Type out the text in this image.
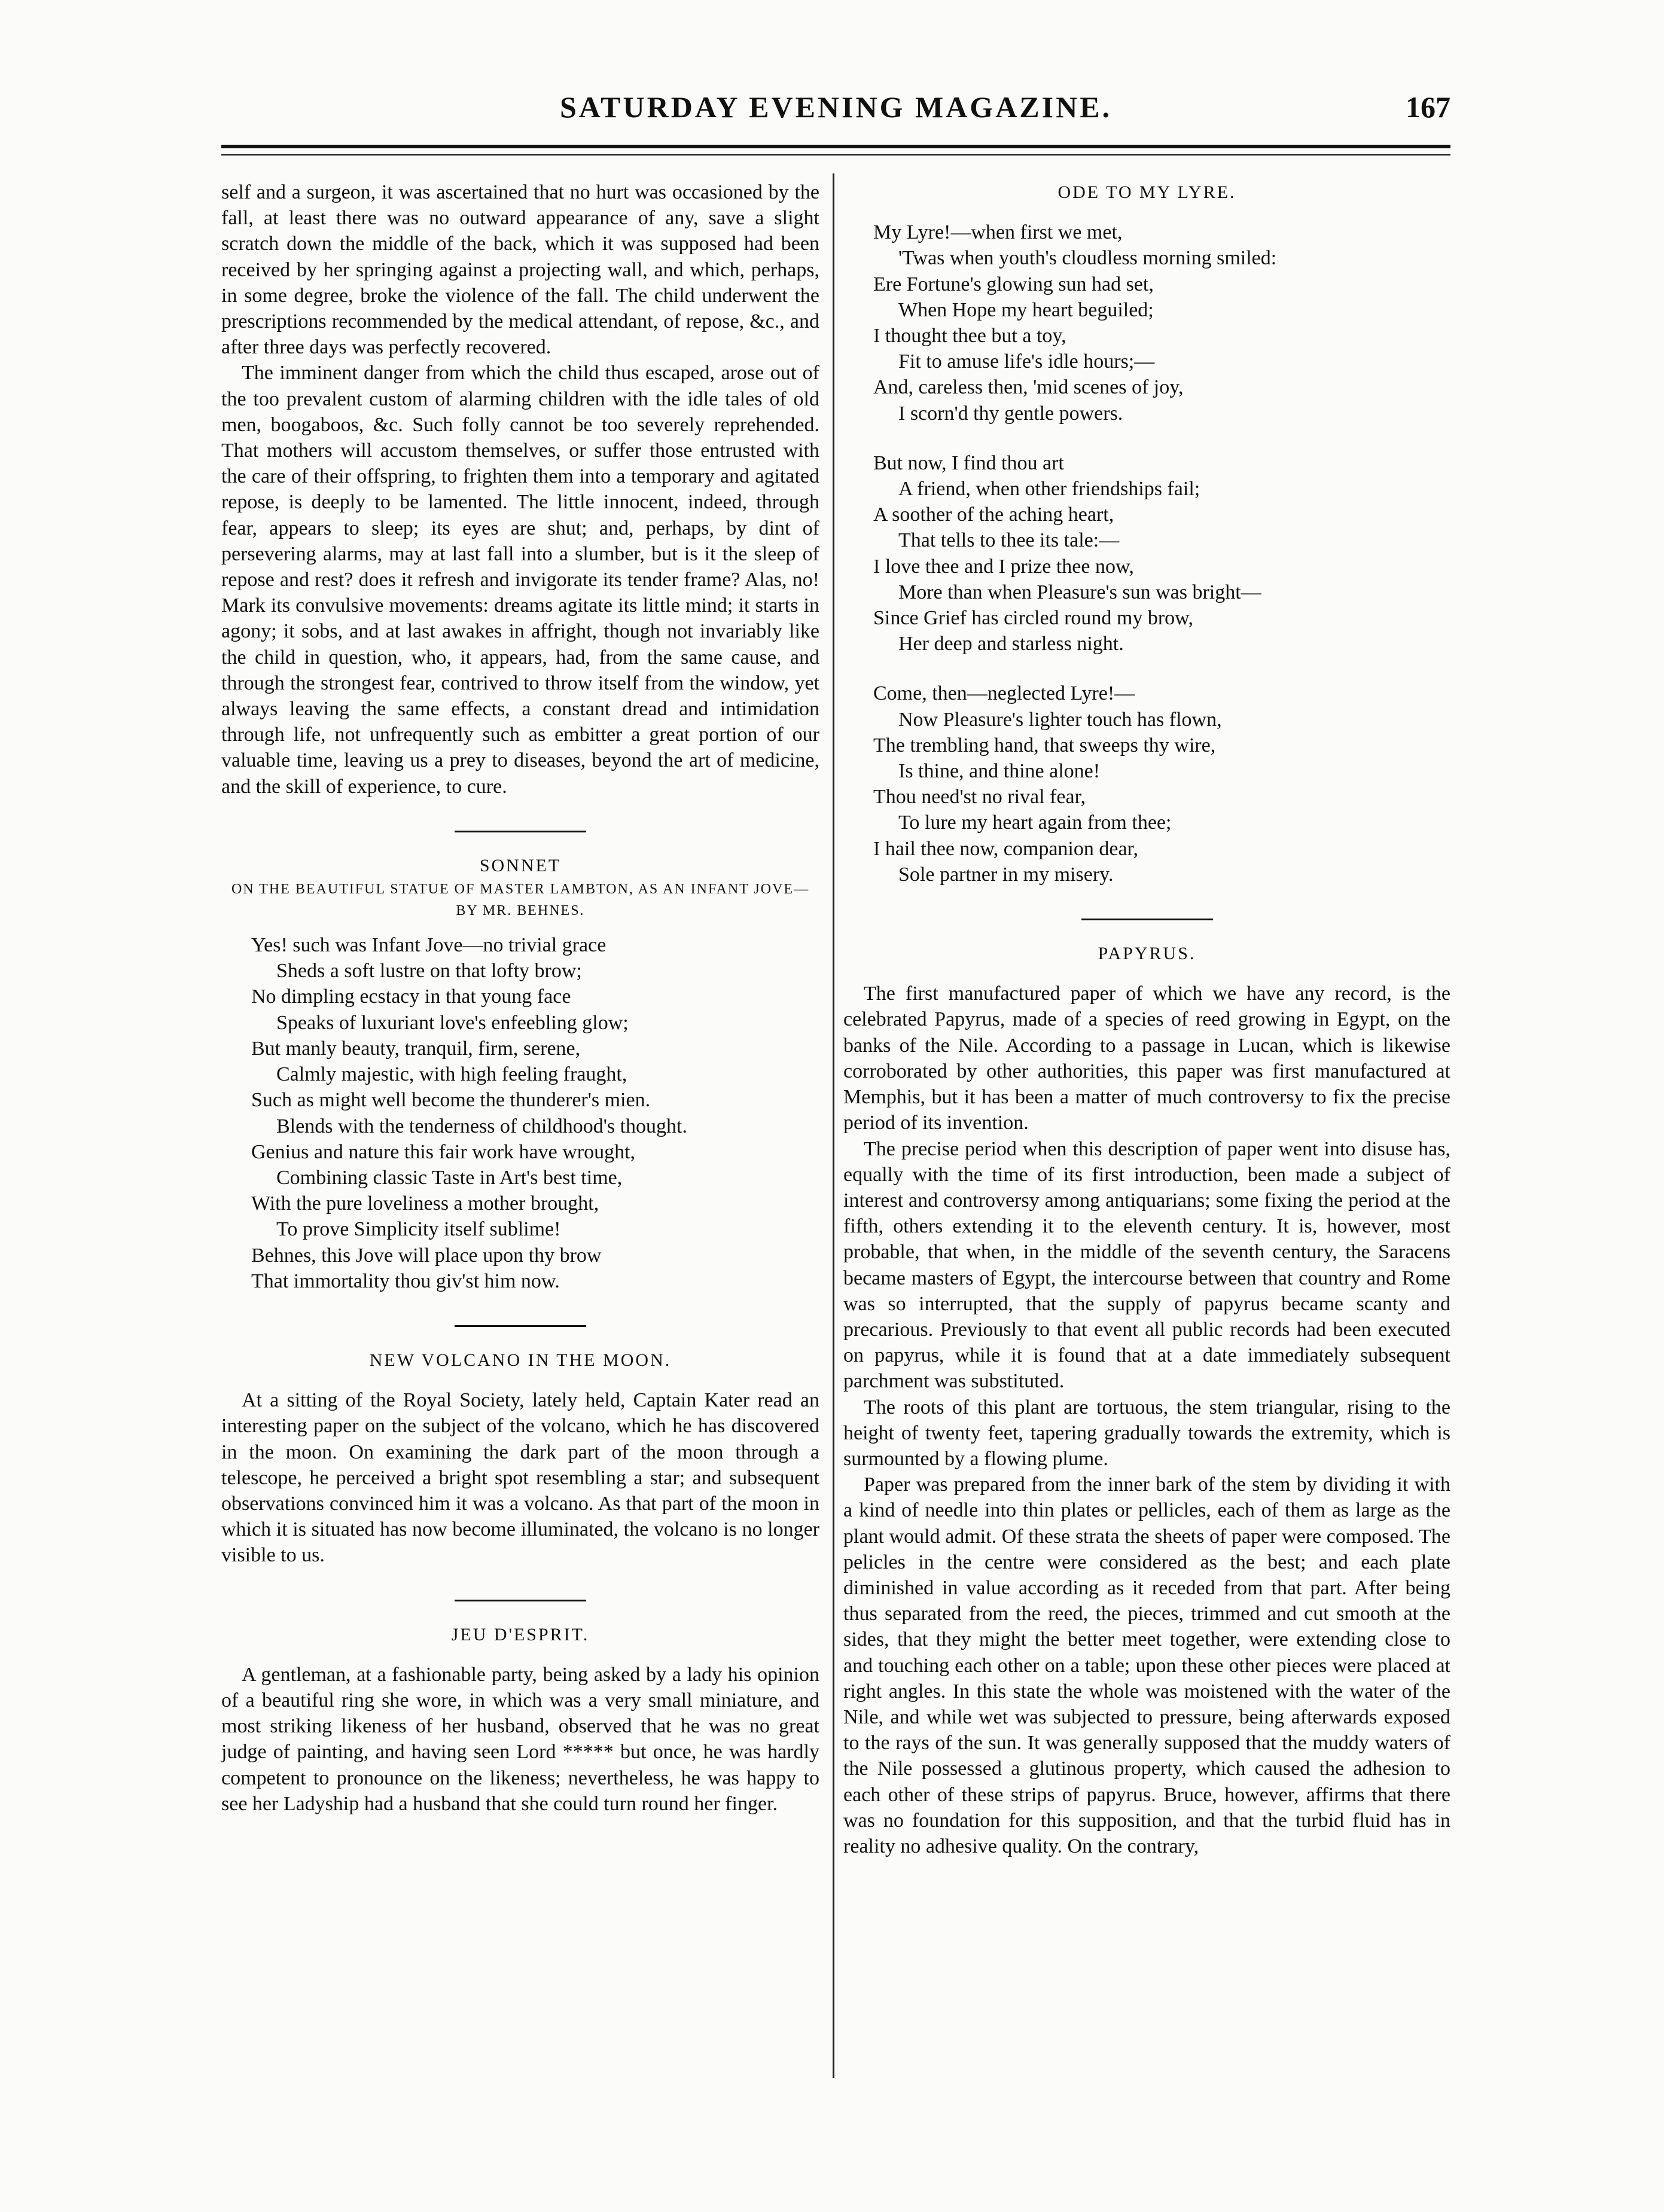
SATURDAY EVENING MAGAZINE.	167

self and a surgeon, it was ascertained that no hurt was occasioned by the fall, at least there was no outward appearance of any, save a slight scratch down the middle of the back, which it was supposed had been received by her springing against a projecting wall, and which, perhaps, in some degree, broke the violence of the fall. The child underwent the prescriptions recommended by the medical attendant, of repose, &c., and after three days was perfectly recovered.

The imminent danger from which the child thus escaped, arose out of the too prevalent custom of alarming children with the idle tales of old men, boogaboos, &c. Such folly cannot be too severely reprehended. That mothers will accustom themselves, or suffer those entrusted with the care of their offspring, to frighten them into a temporary and agitated repose, is deeply to be lamented. The little innocent, indeed, through fear, appears to sleep; its eyes are shut; and, perhaps, by dint of persevering alarms, may at last fall into a slumber, but is it the sleep of repose and rest? does it refresh and invigorate its tender frame? Alas, no! Mark its convulsive movements: dreams agitate its little mind; it starts in agony; it sobs, and at last awakes in affright, though not invariably like the child in question, who, it appears, had, from the same cause, and through the strongest fear, contrived to throw itself from the window, yet always leaving the same effects, a constant dread and intimidation through life, not unfrequently such as embitter a great portion of our valuable time, leaving us a prey to diseases, beyond the art of medicine, and the skill of experience, to cure.

SONNET
ON THE BEAUTIFUL STATUE OF MASTER LAMBTON, AS AN INFANT JOVE—BY MR. BEHNES.
Yes! such was Infant Jove—no trivial grace
Sheds a soft lustre on that lofty brow;
No dimpling ecstacy in that young face
Speaks of luxuriant love's enfeebling glow;
But manly beauty, tranquil, firm, serene,
Calmly majestic, with high feeling fraught,
Such as might well become the thunderer's mien.
Blends with the tenderness of childhood's thought.
Genius and nature this fair work have wrought,
Combining classic Taste in Art's best time,
With the pure loveliness a mother brought,
To prove Simplicity itself sublime!
Behnes, this Jove will place upon thy brow
That immortality thou giv'st him now.
NEW VOLCANO IN THE MOON.

At a sitting of the Royal Society, lately held, Captain Kater read an interesting paper on the subject of the volcano, which he has discovered in the moon. On examining the dark part of the moon through a telescope, he perceived a bright spot resembling a star; and subsequent observations convinced him it was a volcano. As that part of the moon in which it is situated has now become illuminated, the volcano is no longer visible to us.

JEU D'ESPRIT.

A gentleman, at a fashionable party, being asked by a lady his opinion of a beautiful ring she wore, in which was a very small miniature, and most striking likeness of her husband, observed that he was no great judge of painting, and having seen Lord ***** but once, he was hardly competent to pronounce on the likeness; nevertheless, he was happy to see her Ladyship had a husband that she could turn round her finger.

ODE TO MY LYRE.
My Lyre!—when first we met,
'Twas when youth's cloudless morning smiled:
Ere Fortune's glowing sun had set,
When Hope my heart beguiled;
I thought thee but a toy,
Fit to amuse life's idle hours;—
And, careless then, 'mid scenes of joy,
I scorn'd thy gentle powers.
But now, I find thou art
A friend, when other friendships fail;
A soother of the aching heart,
That tells to thee its tale:—
I love thee and I prize thee now,
More than when Pleasure's sun was bright—
Since Grief has circled round my brow,
Her deep and starless night.
Come, then—neglected Lyre!—
Now Pleasure's lighter touch has flown,
The trembling hand, that sweeps thy wire,
Is thine, and thine alone!
Thou need'st no rival fear,
To lure my heart again from thee;
I hail thee now, companion dear,
Sole partner in my misery.
PAPYRUS.

The first manufactured paper of which we have any record, is the celebrated Papyrus, made of a species of reed growing in Egypt, on the banks of the Nile. According to a passage in Lucan, which is likewise corroborated by other authorities, this paper was first manufactured at Memphis, but it has been a matter of much controversy to fix the precise period of its invention.

The precise period when this description of paper went into disuse has, equally with the time of its first introduction, been made a subject of interest and controversy among antiquarians; some fixing the period at the fifth, others extending it to the eleventh century. It is, however, most probable, that when, in the middle of the seventh century, the Saracens became masters of Egypt, the intercourse between that country and Rome was so interrupted, that the supply of papyrus became scanty and precarious. Previously to that event all public records had been executed on papyrus, while it is found that at a date immediately subsequent parchment was substituted.

The roots of this plant are tortuous, the stem triangular, rising to the height of twenty feet, tapering gradually towards the extremity, which is surmounted by a flowing plume.

Paper was prepared from the inner bark of the stem by dividing it with a kind of needle into thin plates or pellicles, each of them as large as the plant would admit. Of these strata the sheets of paper were composed. The pelicles in the centre were considered as the best; and each plate diminished in value according as it receded from that part. After being thus separated from the reed, the pieces, trimmed and cut smooth at the sides, that they might the better meet together, were extending close to and touching each other on a table; upon these other pieces were placed at right angles. In this state the whole was moistened with the water of the Nile, and while wet was subjected to pressure, being afterwards exposed to the rays of the sun. It was generally supposed that the muddy waters of the Nile possessed a glutinous property, which caused the adhesion to each other of these strips of papyrus. Bruce, however, affirms that there was no foundation for this supposition, and that the turbid fluid has in reality no adhesive quality. On the contrary,
